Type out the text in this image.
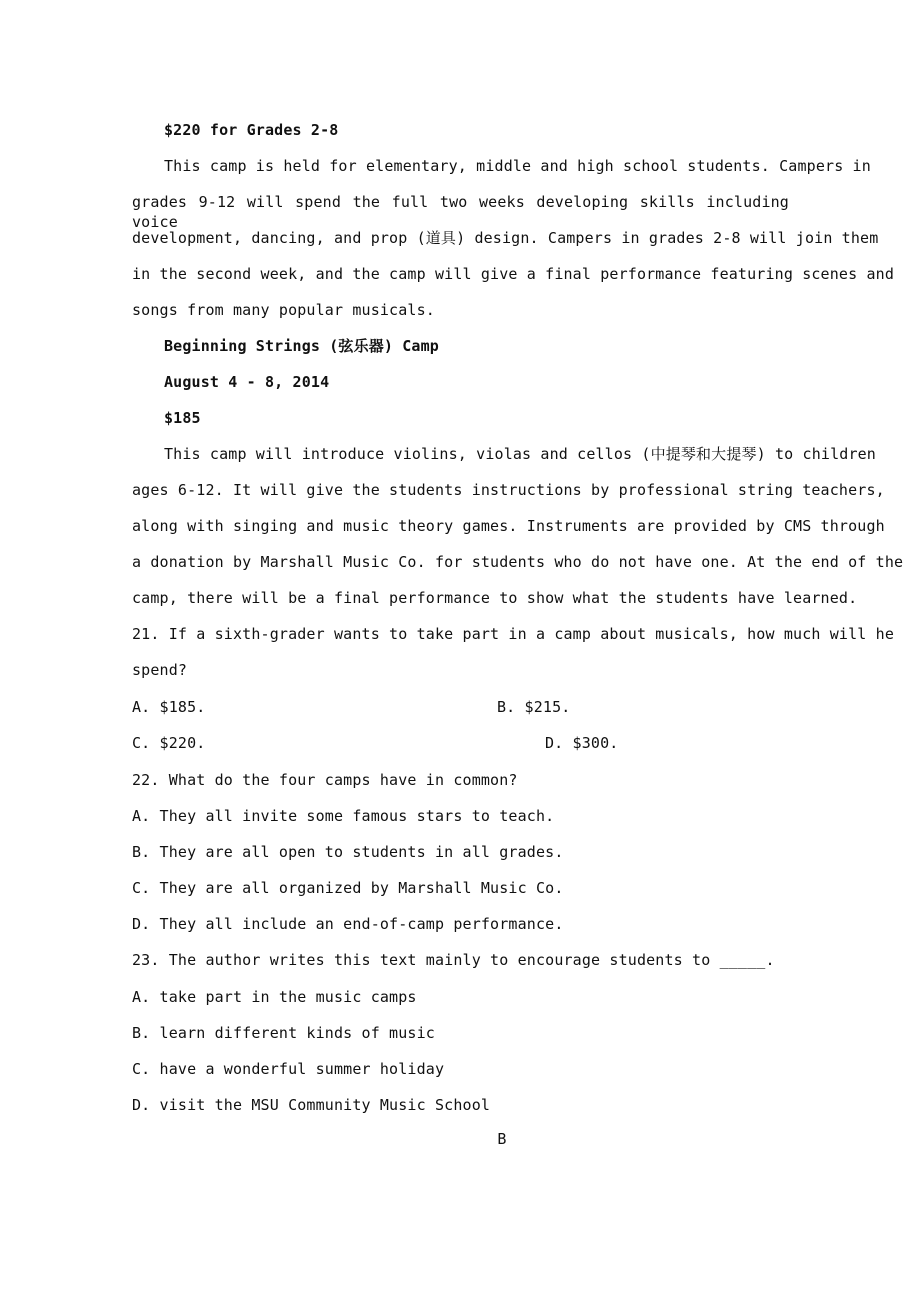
$220 for Grades 2-8
This camp is held for elementary, middle and high school students. Campers in
grades 9-12 will spend the full two weeks developing skills including voice
development, dancing, and prop (道具) design. Campers in grades 2-8 will join them
in the second week, and the camp will give a final performance featuring scenes and
songs from many popular musicals.
Beginning Strings (弦乐器) Camp
August 4 - 8, 2014
$185
This camp will introduce violins, violas and cellos (中提琴和大提琴) to children
ages 6-12. It will give the students instructions by professional string teachers,
along with singing and music theory games. Instruments are provided by CMS through
a donation by Marshall Music Co. for students who do not have one. At the end of the
camp, there will be a final performance to show what the students have learned.
21. If a sixth-grader wants to take part in a camp about musicals, how much will he
spend?
A. $185.	B. $215.
C. $220.	D. $300.
22. What do the four camps have in common?
A. They all invite some famous stars to teach.
B. They are all open to students in all grades.
C. They are all organized by Marshall Music Co.
D. They all include an end-of-camp performance.
23. The author writes this text mainly to encourage students to _____.
A. take part in the music camps
B. learn different kinds of music
C. have a wonderful summer holiday
D. visit the MSU Community Music School
B
